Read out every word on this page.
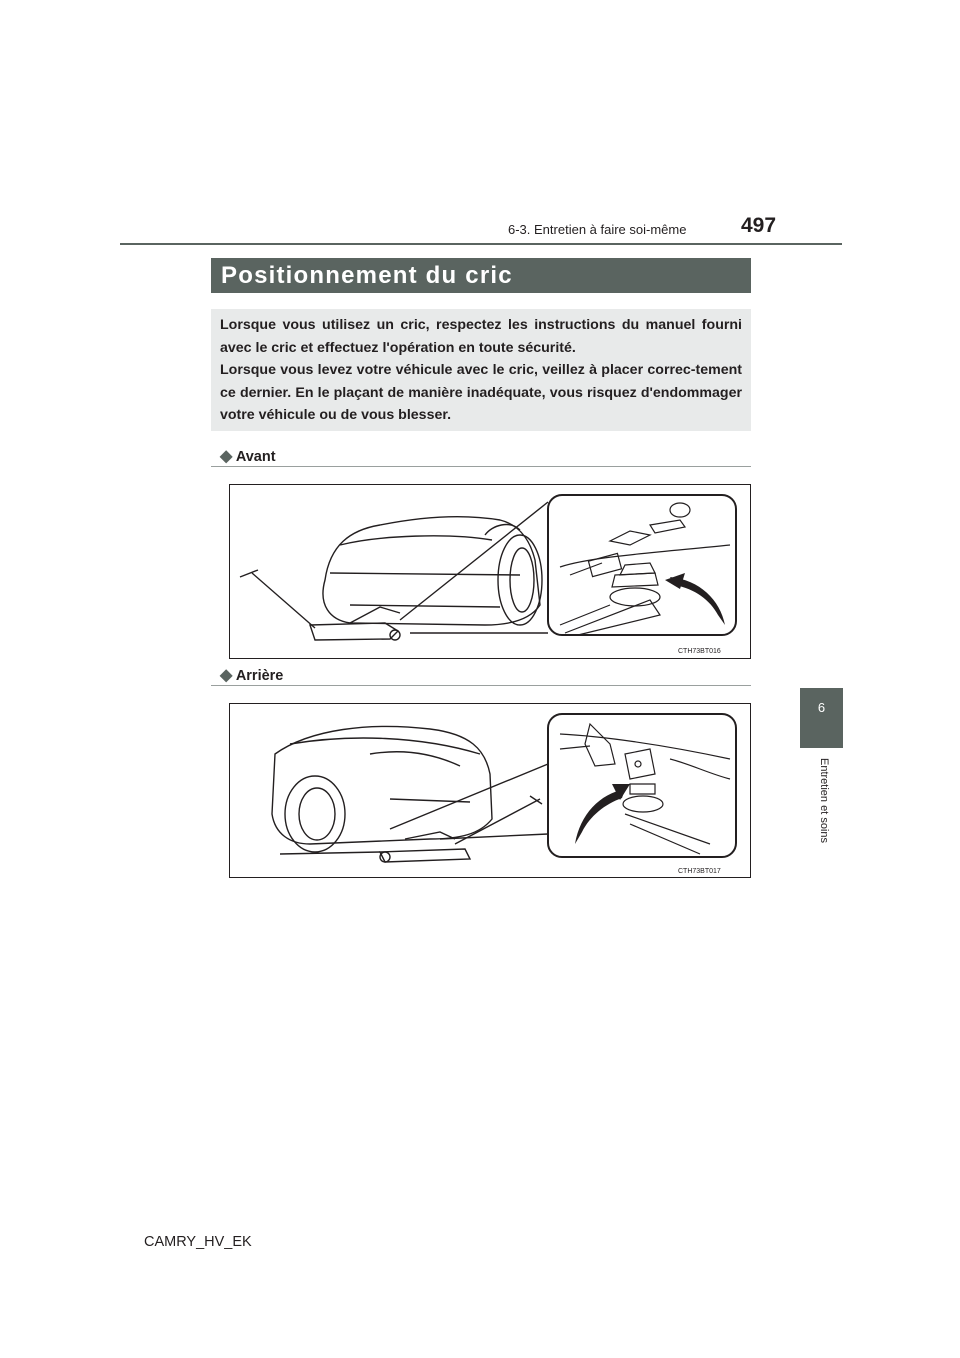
6-3. Entretien à faire soi-même	497
6
Entretien et soins
Positionnement du cric
Lorsque vous utilisez un cric, respectez les instructions du manuel fourni avec le cric et effectuez l'opération en toute sécurité.
Lorsque vous levez votre véhicule avec le cric, veillez à placer correc-tement ce dernier. En le plaçant de manière inadéquate, vous risquez d'endommager votre véhicule ou de vous blesser.
◆ Avant
CTH73BT016
◆ Arrière
CTH73BT017
CAMRY_HV_EK
